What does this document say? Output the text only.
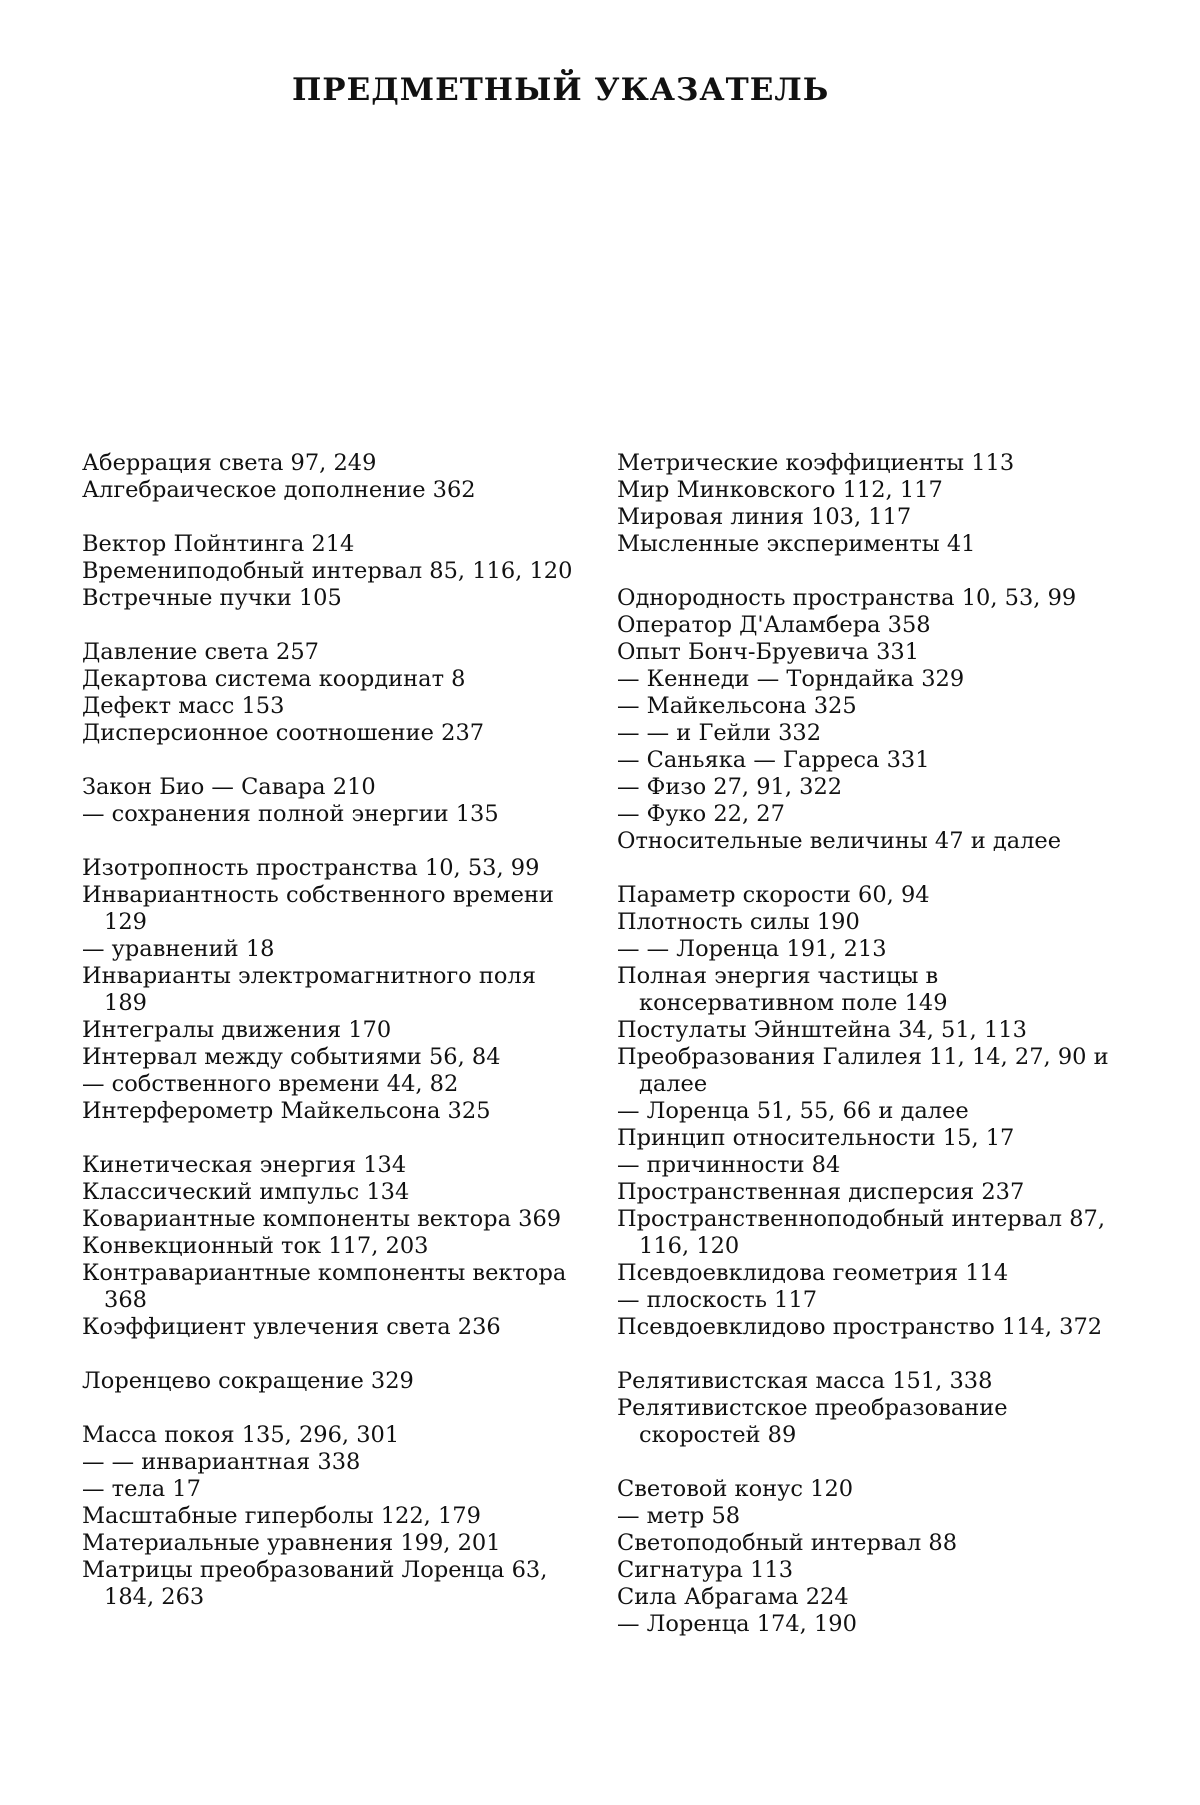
ПРЕДМЕТНЫЙ УКАЗАТЕЛЬ
Аберрация света 97, 249
Алгебраическое дополнение 362
Вектор Пойнтинга 214
Времениподобный интервал 85, 116, 120
Встречные пучки 105
Давление света 257
Декартова система координат 8
Дефект масс 153
Дисперсионное соотношение 237
Закон Био — Савара 210
— сохранения полной энергии 135
Изотропность пространства 10, 53, 99
Инвариантность собственного времени 129
— уравнений 18
Инварианты электромагнитного поля 189
Интегралы движения 170
Интервал между событиями 56, 84
— собственного времени 44, 82
Интерферометр Майкельсона 325
Кинетическая энергия 134
Классический импульс 134
Ковариантные компоненты вектора 369
Конвекционный ток 117, 203
Контравариантные компоненты вектора 368
Коэффициент увлечения света 236
Лоренцево сокращение 329
Масса покоя 135, 296, 301
— — инвариантная 338
— тела 17
Масштабные гиперболы 122, 179
Материальные уравнения 199, 201
Матрицы преобразований Лоренца 63, 184, 263
Метрические коэффициенты 113
Мир Минковского 112, 117
Мировая линия 103, 117
Мысленные эксперименты 41
Однородность пространства 10, 53, 99
Оператор Д'Аламбера 358
Опыт Бонч-Бруевича 331
— Кеннеди — Торндайка 329
— Майкельсона 325
— — и Гейли 332
— Саньяка — Гарреса 331
— Физо 27, 91, 322
— Фуко 22, 27
Относительные величины 47 и далее
Параметр скорости 60, 94
Плотность силы 190
— — Лоренца 191, 213
Полная энергия частицы в консервативном поле 149
Постулаты Эйнштейна 34, 51, 113
Преобразования Галилея 11, 14, 27, 90 и далее
— Лоренца 51, 55, 66 и далее
Принцип относительности 15, 17
— причинности 84
Пространственная дисперсия 237
Пространственноподобный интервал 87, 116, 120
Псевдоевклидова геометрия 114
— плоскость 117
Псевдоевклидово пространство 114, 372
Релятивистская масса 151, 338
Релятивистское преобразование скоростей 89
Световой конус 120
— метр 58
Светоподобный интервал 88
Сигнатура 113
Сила Абрагама 224
— Лоренца 174, 190
